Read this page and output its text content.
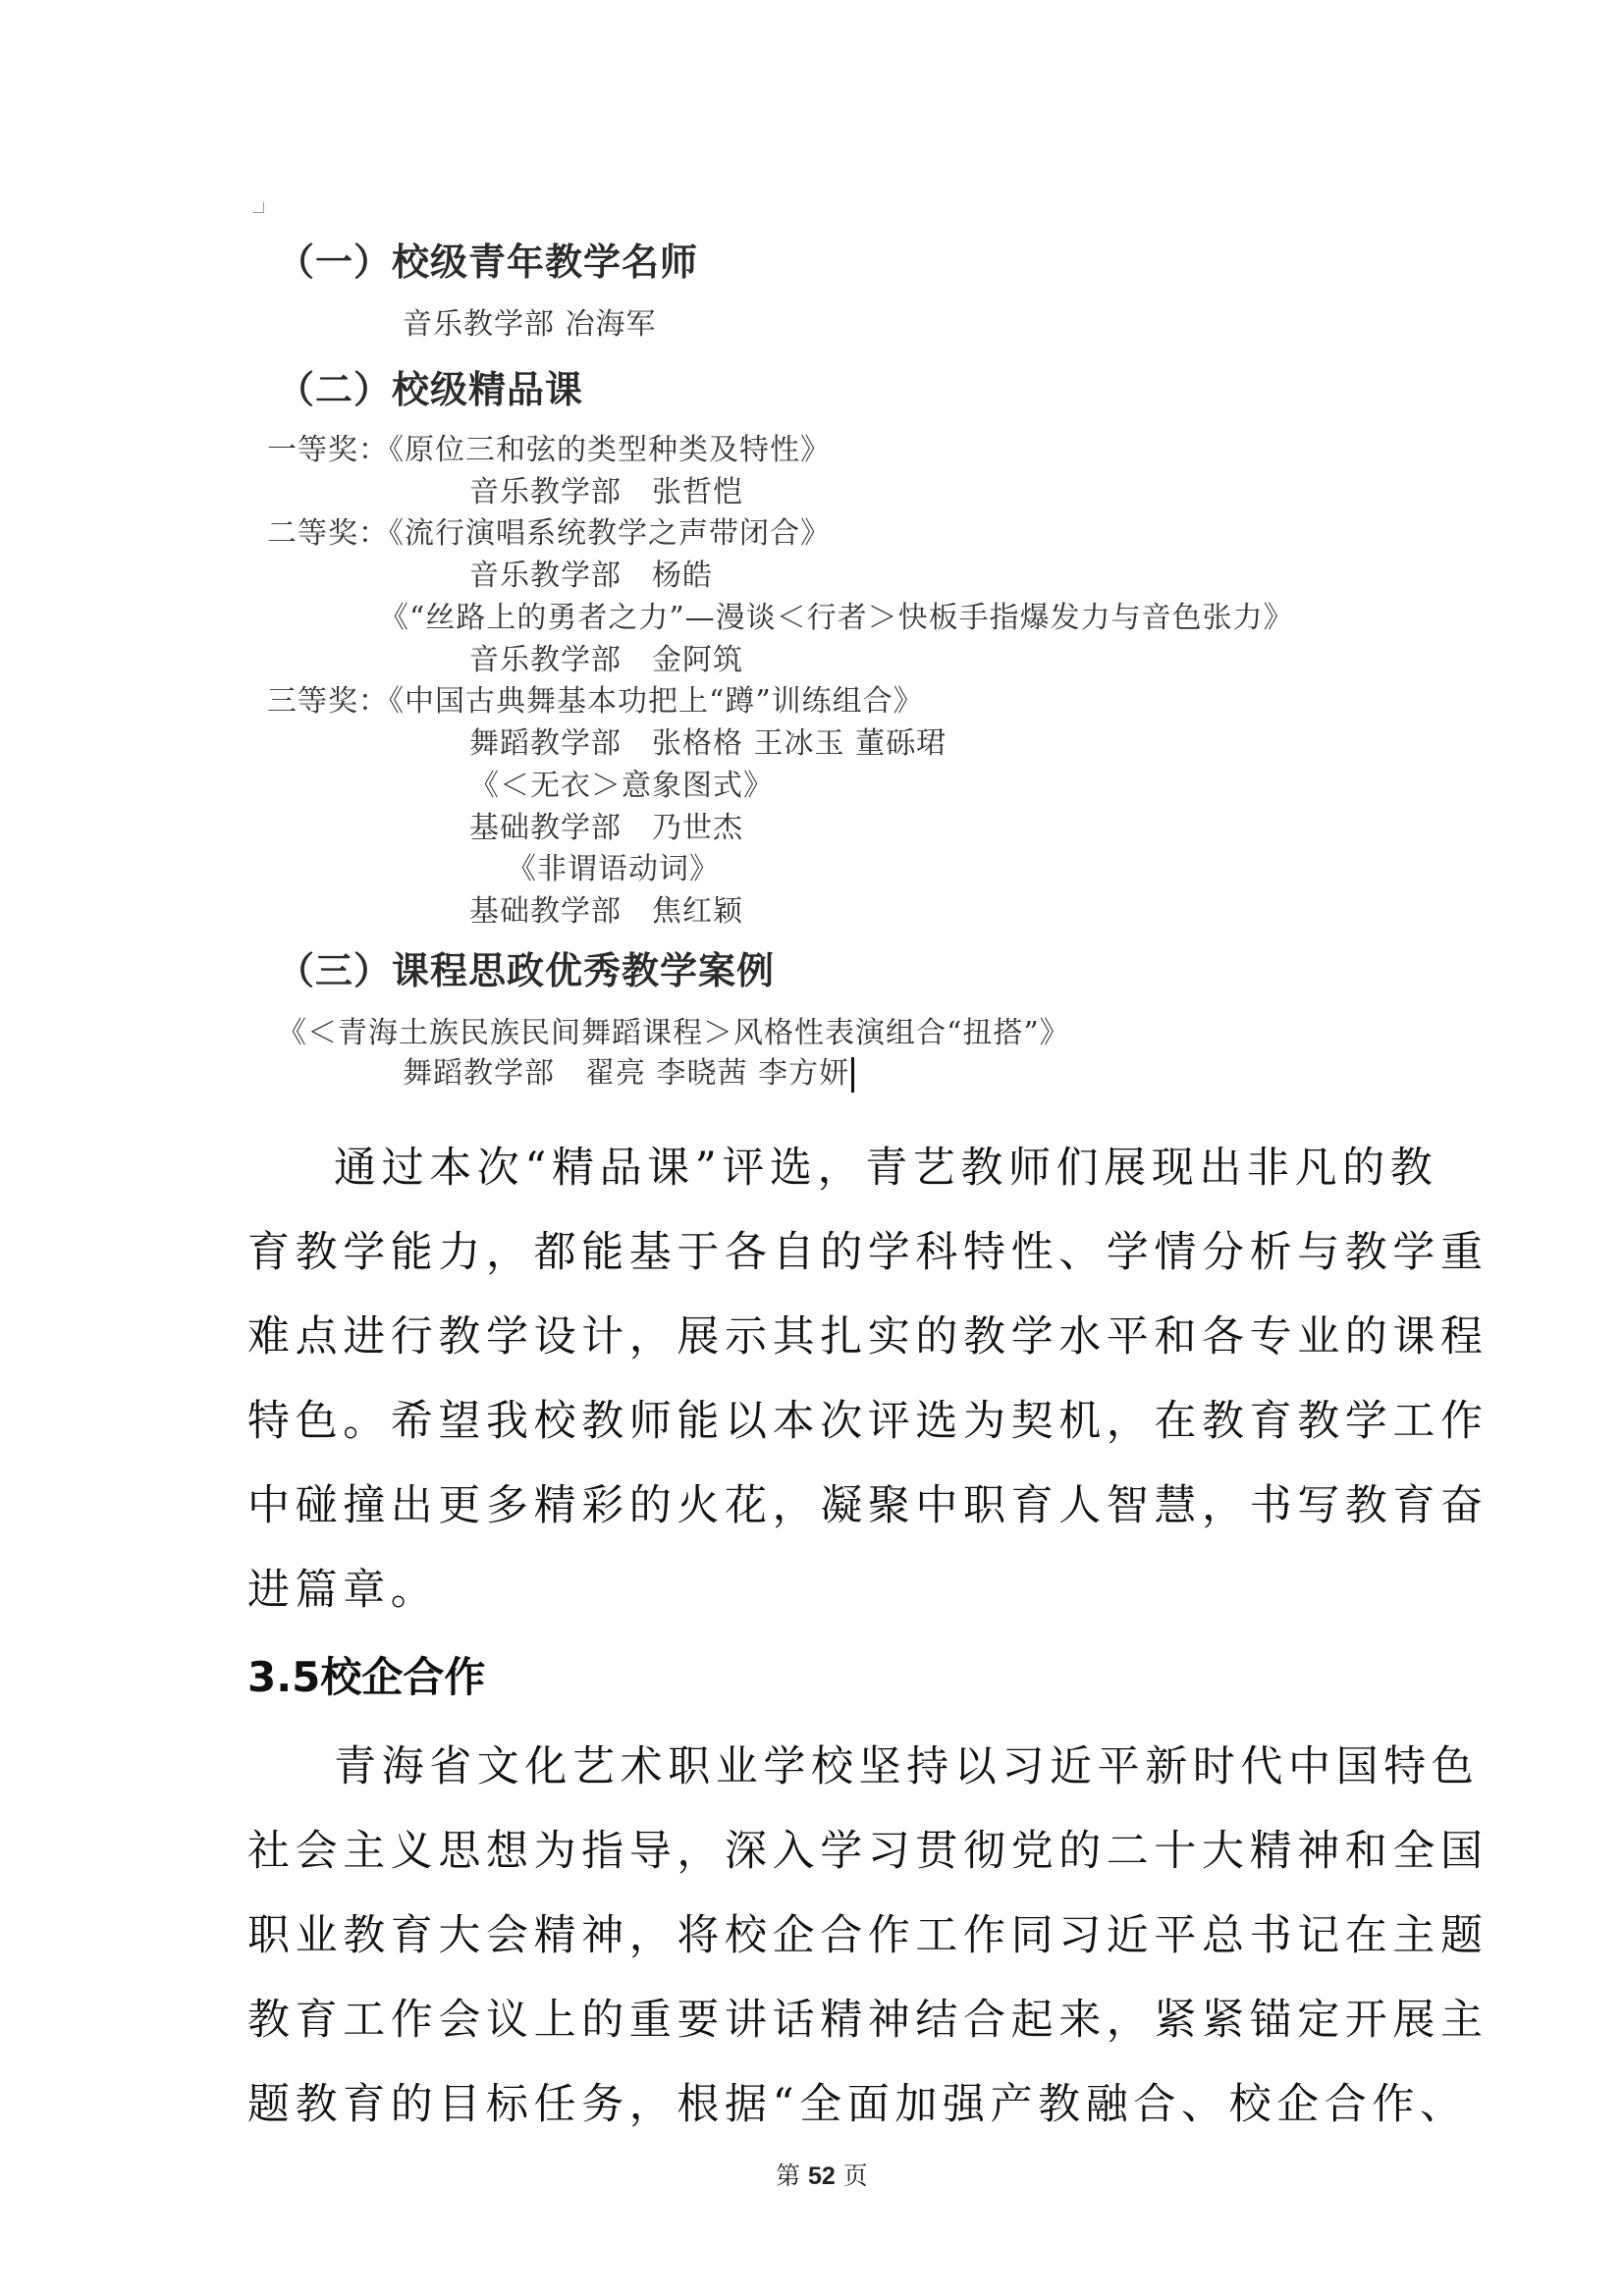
（一）校级青年教学名师
音乐教学部 冶海军
（二）校级精品课
一等奖：《原位三和弦的类型种类及特性》
音乐教学部　张哲恺
二等奖：《流行演唱系统教学之声带闭合》
音乐教学部　杨皓
《“丝路上的勇者之力”—漫谈＜行者＞快板手指爆发力与音色张力》
音乐教学部　金阿筑
三等奖：《中国古典舞基本功把上“蹲”训练组合》
舞蹈教学部　张格格 王冰玉 董砾珺
《＜无衣＞意象图式》
基础教学部　乃世杰
《非谓语动词》
基础教学部　焦红颖
（三）课程思政优秀教学案例
《＜青海土族民族民间舞蹈课程＞风格性表演组合“扭搭”》
舞蹈教学部　翟亮 李晓茜 李方妍
通过本次“精品课”评选，青艺教师们展现出非凡的教
育教学能力，都能基于各自的学科特性、学情分析与教学重
难点进行教学设计，展示其扎实的教学水平和各专业的课程
特色。希望我校教师能以本次评选为契机，在教育教学工作
中碰撞出更多精彩的火花，凝聚中职育人智慧，书写教育奋
进篇章。
3.5校企合作
青海省文化艺术职业学校坚持以习近平新时代中国特色
社会主义思想为指导，深入学习贯彻党的二十大精神和全国
职业教育大会精神，将校企合作工作同习近平总书记在主题
教育工作会议上的重要讲话精神结合起来，紧紧锚定开展主
题教育的目标任务，根据“全面加强产教融合、校企合作、
第 52 页
